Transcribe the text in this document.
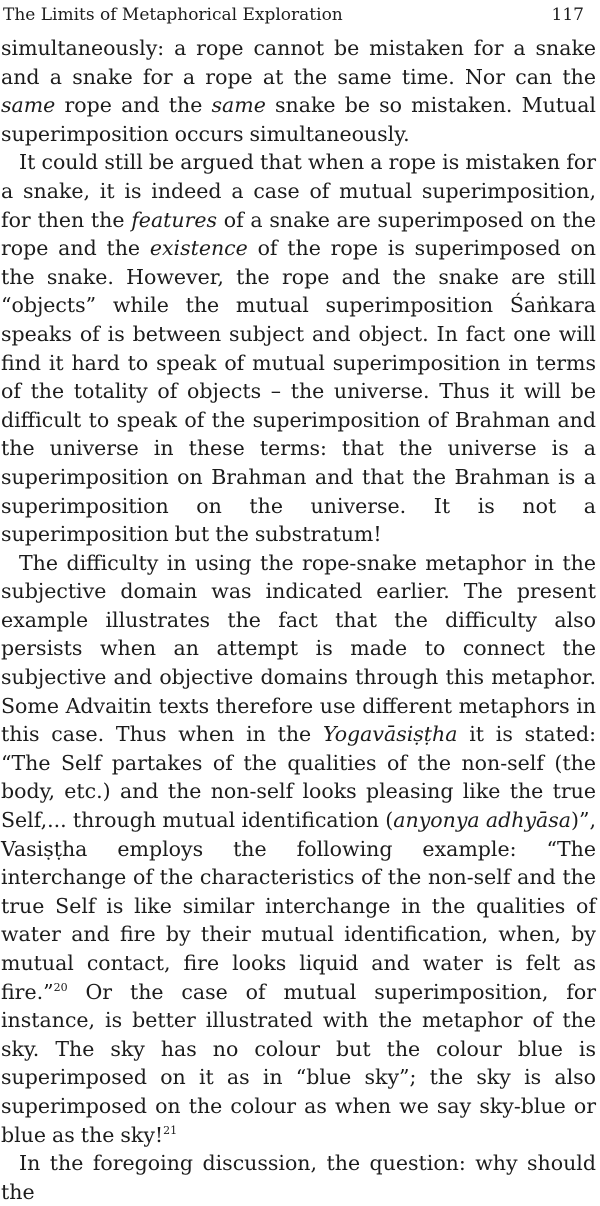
The Limits of Metaphorical Exploration	117

simultaneously: a rope cannot be mistaken for a snake and a snake for a rope at the same time. Nor can the same rope and the same snake be so mistaken. Mutual superimposition occurs simultaneously.

It could still be argued that when a rope is mistaken for a snake, it is indeed a case of mutual superimposition, for then the features of a snake are superimposed on the rope and the existence of the rope is superimposed on the snake. However, the rope and the snake are still “objects” while the mutual superimposition Śaṅkara speaks of is between subject and object. In fact one will find it hard to speak of mutual superimposition in terms of the totality of objects – the universe. Thus it will be difficult to speak of the superimposition of Brahman and the universe in these terms: that the universe is a superimposition on Brahman and that the Brahman is a superimposition on the universe. It is not a superimposition but the substratum!

The difficulty in using the rope-snake metaphor in the subjective domain was indicated earlier. The present example illustrates the fact that the difficulty also persists when an attempt is made to connect the subjective and objective domains through this metaphor. Some Advaitin texts therefore use different metaphors in this case. Thus when in the Yogavāsiṣṭha it is stated: “The Self partakes of the qualities of the non-self (the body, etc.) and the non-self looks pleasing like the true Self,... through mutual identification (anyonya adhyāsa)”, Vasiṣṭha employs the following example: “The interchange of the characteristics of the non-self and the true Self is like similar interchange in the qualities of water and fire by their mutual identification, when, by mutual contact, fire looks liquid and water is felt as fire.”$^{20}$ Or the case of mutual superimposition, for instance, is better illustrated with the metaphor of the sky. The sky has no colour but the colour blue is superimposed on it as in “blue sky”; the sky is also superimposed on the colour as when we say sky-blue or blue as the sky!$^{21}$

In the foregoing discussion, the question: why should the
